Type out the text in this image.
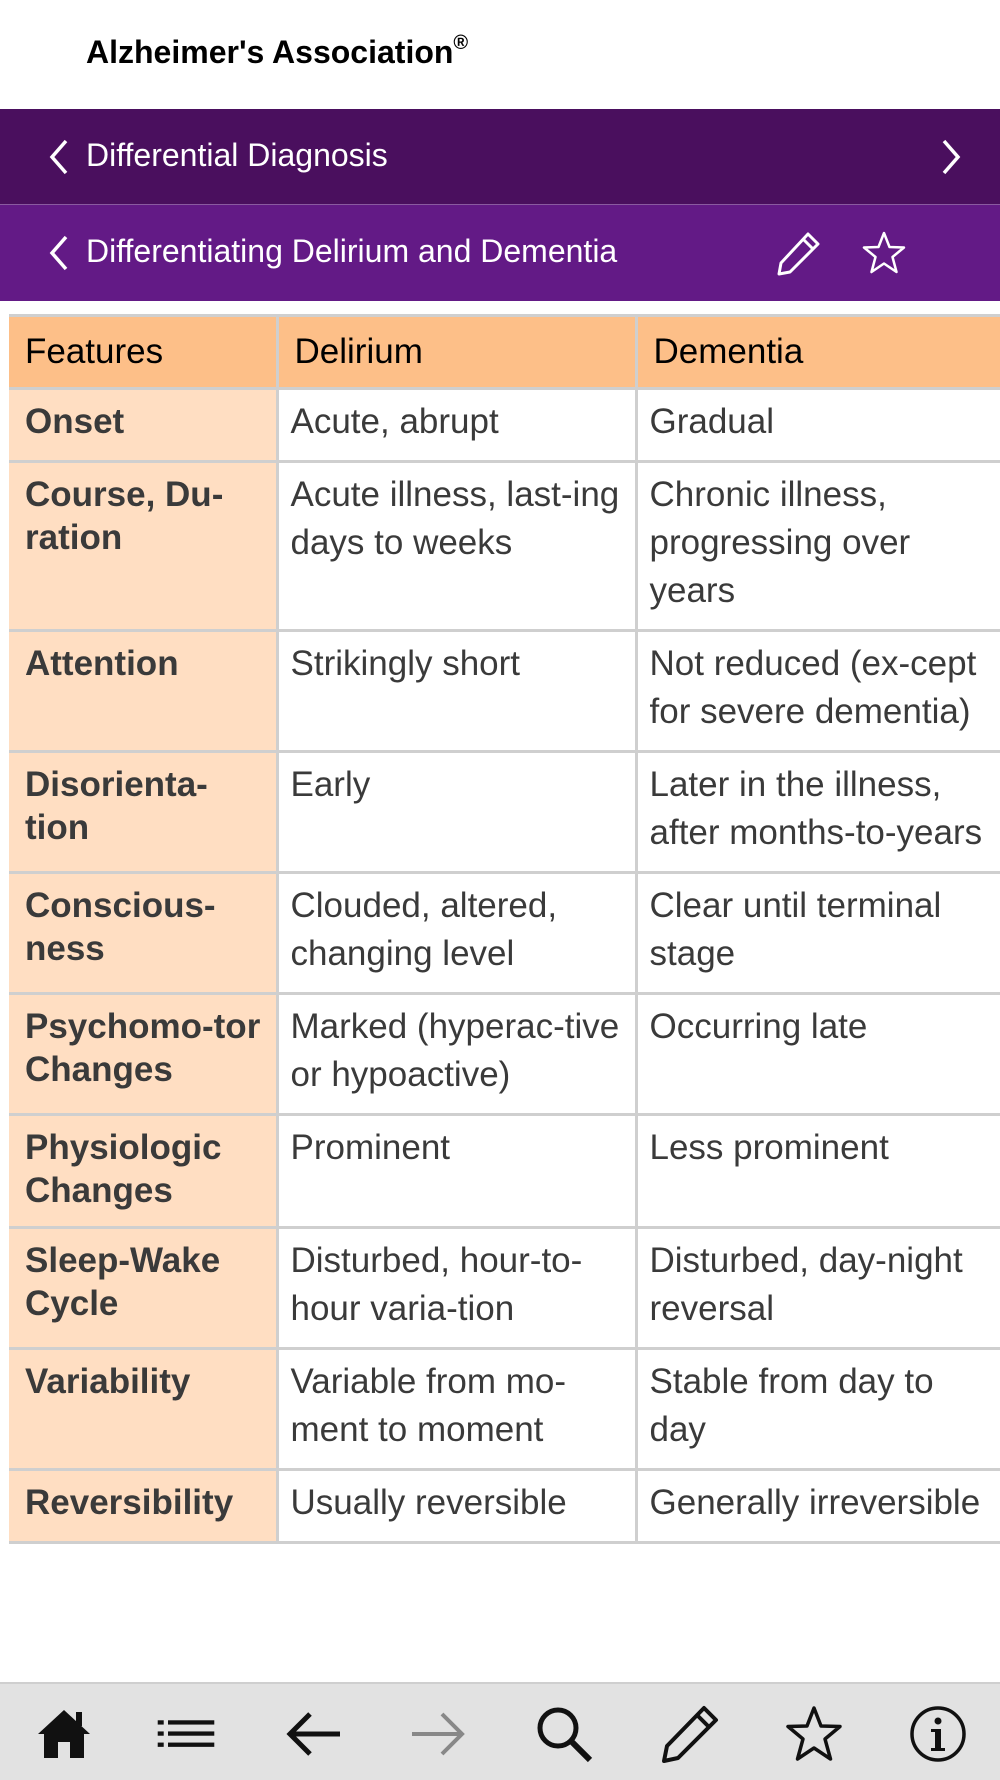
Alzheimer's Association®
Differential Diagnosis
Differentiating Delirium and Dementia
Features	Delirium	Dementia
Onset	Acute, abrupt	Gradual
Course, Du-ration	Acute illness, last-ing days to weeks	Chronic illness, progressing over years
Attention	Strikingly short	Not reduced (ex-cept for severe dementia)
Disorienta-tion	Early	Later in the illness, after months-to-years
Conscious-ness	Clouded, altered, changing level	Clear until terminal stage
Psychomo-tor Changes	Marked (hyperac-tive or hypoactive)	Occurring late
Physiologic Changes	Prominent	Less prominent
Sleep-Wake Cycle	Disturbed, hour-to-hour varia-tion	Disturbed, day-night reversal
Variability	Variable from mo-ment to moment	Stable from day to day
Reversibility	Usually reversible	Generally irreversible
